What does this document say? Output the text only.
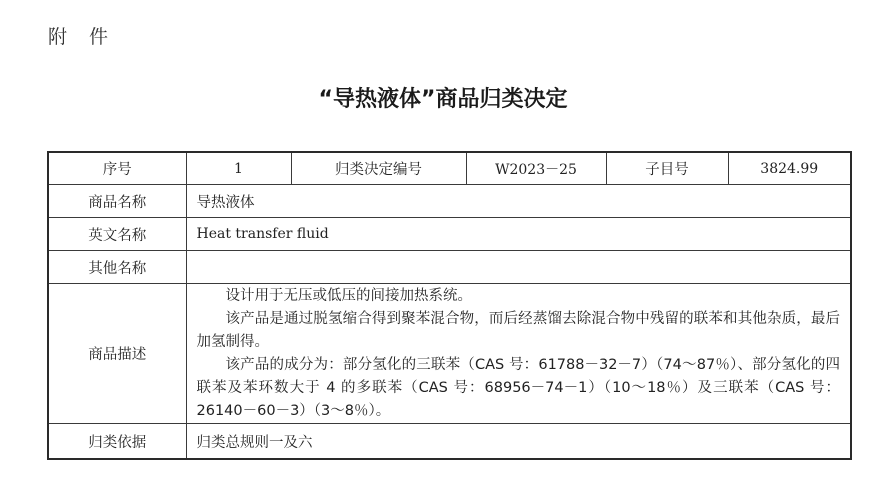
附件
“导热液体”商品归类决定
序号	1	归类决定编号	W2023－25	子目号	3824.99
商品名称	导热液体				
英文名称	Heat transfer fluid				
其他名称					
商品描述	设计用于无压或低压的间接加热系统。

该产品是通过脱氢缩合得到聚苯混合物，而后经蒸馏去除混合物中残留的联苯和其他杂质，最后加氢制得。

该产品的成分为：部分氢化的三联苯（CAS 号：61788－32－7）（74～87％）、部分氢化的四联苯及苯环数大于 4 的多联苯（CAS 号：68956－74－1）（10～18％）及三联苯（CAS 号：26140－60－3）（3～8％）。				

归类依据	归类总规则一及六				
